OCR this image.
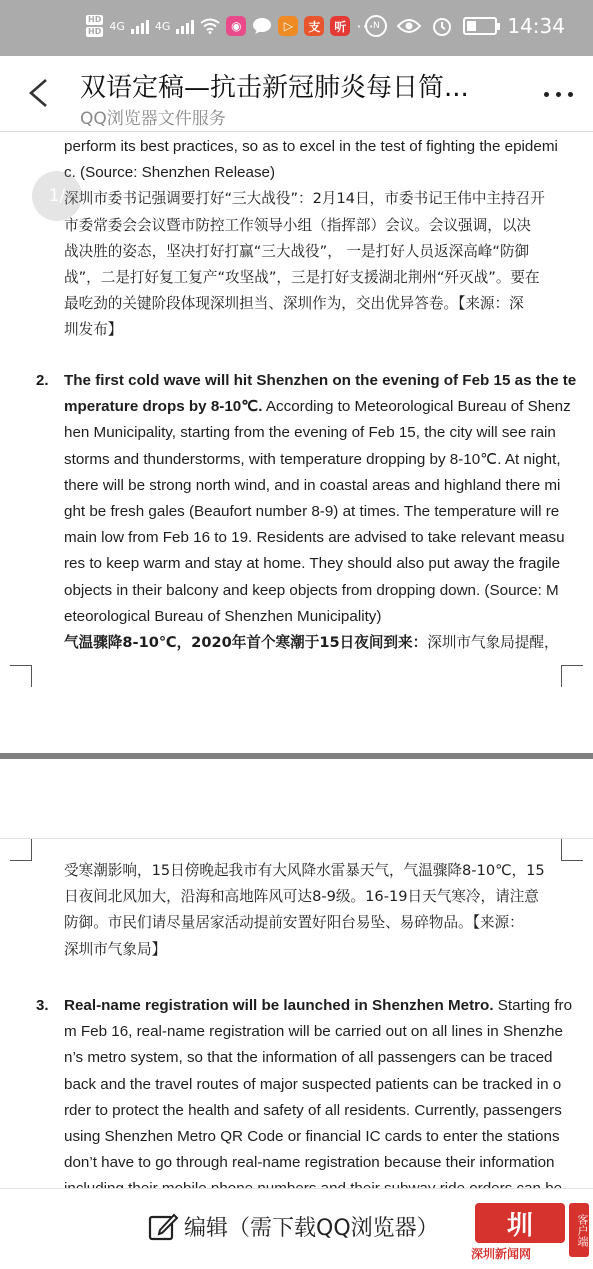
HD
HD 4G	4G	◉	▷	支	听 ···
N	14:34
双语定稿—抗击新冠肺炎每日简...
QQ浏览器文件服务
perform its best practices, so as to excel in the test of fighting the epidemi
c. (Source: Shenzhen Release)
深圳市委书记强调要打好“三大战役”：2月14日，市委书记王伟中主持召开
市委常委会会议暨市防控工作领导小组（指挥部）会议。会议强调，以决
战决胜的姿态，坚决打好打赢“三大战役”， 一是打好人员返深高峰“防御
战”，二是打好复工复产“攻坚战”，三是打好支援湖北荆州“歼灭战”。要在
最吃劲的关键阶段体现深圳担当、深圳作为，交出优异答卷。【来源：深
圳发布】
2. The first cold wave will hit Shenzhen on the evening of Feb 15 as the te
mperature drops by 8-10℃. According to Meteorological Bureau of Shenz
hen Municipality, starting from the evening of Feb 15, the city will see rain
storms and thunderstorms, with temperature dropping by 8-10℃. At night,
there will be strong north wind, and in coastal areas and highland there mi
ght be fresh gales (Beaufort number 8-9) at times. The temperature will re
main low from Feb 16 to 19. Residents are advised to take relevant measu
res to keep warm and stay at home. They should also put away the fragile
objects in their balcony and keep objects from dropping down. (Source: M
eteorological Bureau of Shenzhen Municipality)
气温骤降8-10℃，2020年首个寒潮于15日夜间到来：深圳市气象局提醒，
受寒潮影响，15日傍晚起我市有大风降水雷暴天气，气温骤降8-10℃，15
日夜间北风加大，沿海和高地阵风可达8-9级。16-19日天气寒冷，请注意
防御。市民们请尽量居家活动提前安置好阳台易坠、易碎物品。【来源：
深圳市气象局】
3. Real-name registration will be launched in Shenzhen Metro. Starting fro
m Feb 16, real-name registration will be carried out on all lines in Shenzhe
n’s metro system, so that the information of all passengers can be traced
back and the travel routes of major suspected patients can be tracked in o
rder to protect the health and safety of all residents. Currently, passengers
using Shenzhen Metro QR Code or financial IC cards to enter the stations
don’t have to go through real-name registration because their information
1/
编辑（需下载QQ浏览器）	圳	客户端
深圳新闻网
